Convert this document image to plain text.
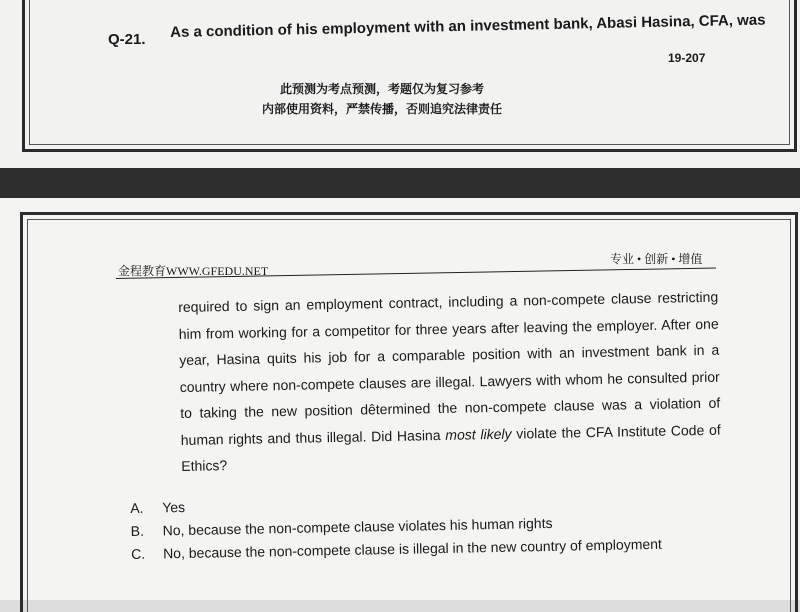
Q-21. As a condition of his employment with an investment bank, Abasi Hasina, CFA, was
19-207
此预测为考点预测，考题仅为复习参考
内部使用资料，严禁传播，否则追究法律责任
金程教育WWW.GFEDU.NET
专业 • 创新 • 增值

required to sign an employment contract, including a non-compete clause restricting
him from working for a competitor for three years after leaving the employer. After one
year, Hasina quits his job for a comparable position with an investment bank in a
country where non-compete clauses are illegal. Lawyers with whom he consulted prior
to taking the new position dêtermined the non-compete clause was a violation of
human rights and thus illegal. Did Hasina most likely violate the CFA Institute Code of
Ethics?

A.	Yes
B.	No, because the non-compete clause violates his human rights
C.	No, because the non-compete clause is illegal in the new country of employment
